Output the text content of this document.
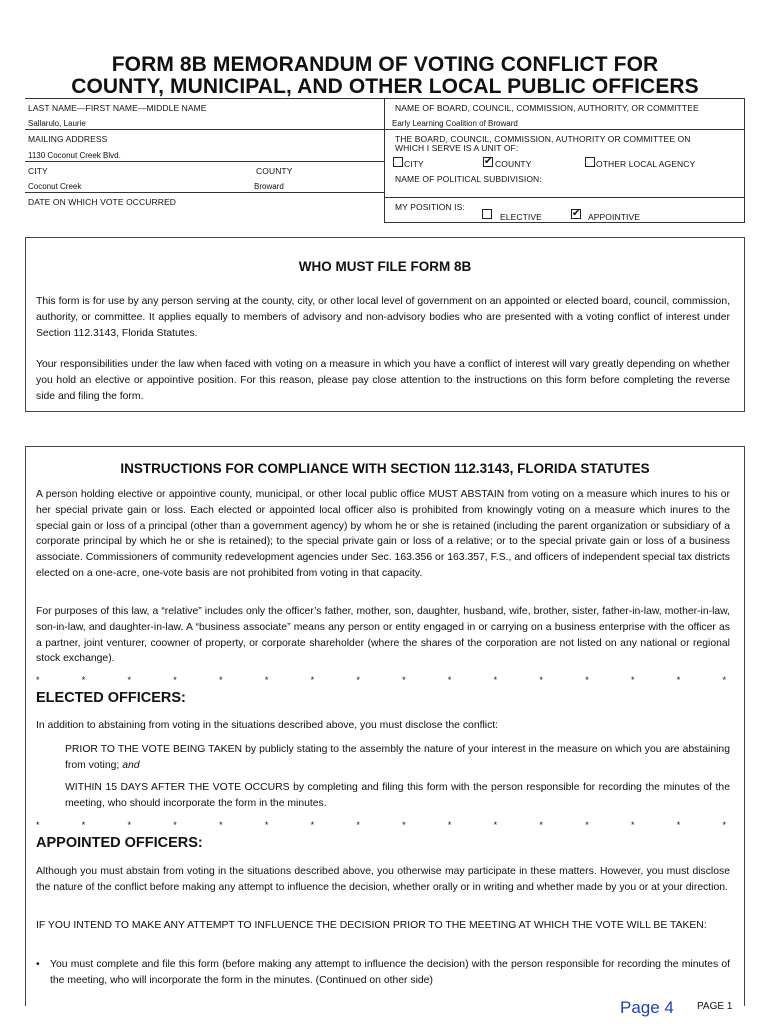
FORM 8B MEMORANDUM OF VOTING CONFLICT FOR
COUNTY, MUNICIPAL, AND OTHER LOCAL PUBLIC OFFICERS
LAST NAME—FIRST NAME—MIDDLE NAME
Sallarulo, Laurie
NAME OF BOARD, COUNCIL, COMMISSION, AUTHORITY, OR COMMITTEE
Early Learning Coalition of Broward
MAILING ADDRESS
1130 Coconut Creek Blvd.
THE BOARD, COUNCIL, COMMISSION, AUTHORITY OR COMMITTEE ON
WHICH I SERVE IS A UNIT OF:
CITY	✔ COUNTY	OTHER LOCAL AGENCY
NAME OF POLITICAL SUBDIVISION:
CITY
Coconut Creek
COUNTY
Broward
DATE ON WHICH VOTE OCCURRED	MY POSITION IS:
ELECTIVE	✔ APPOINTIVE
WHO MUST FILE FORM 8B
This form is for use by any person serving at the county, city, or other local level of government on an appointed or elected board, council, commission, authority, or committee. It applies equally to members of advisory and non-advisory bodies who are presented with a voting conflict of interest under Section 112.3143, Florida Statutes.
Your responsibilities under the law when faced with voting on a measure in which you have a conflict of interest will vary greatly depending on whether you hold an elective or appointive position. For this reason, please pay close attention to the instructions on this form before completing the reverse side and filing the form.
INSTRUCTIONS FOR COMPLIANCE WITH SECTION 112.3143, FLORIDA STATUTES
A person holding elective or appointive county, municipal, or other local public office MUST ABSTAIN from voting on a measure which inures to his or her special private gain or loss. Each elected or appointed local officer also is prohibited from knowingly voting on a measure which inures to the special gain or loss of a principal (other than a government agency) by whom he or she is retained (including the parent organization or subsidiary of a corporate principal by which he or she is retained); to the special private gain or loss of a relative; or to the special private gain or loss of a business associate. Commissioners of community redevelopment agencies under Sec. 163.356 or 163.357, F.S., and officers of independent special tax districts elected on a one-acre, one-vote basis are not prohibited from voting in that capacity.
For purposes of this law, a “relative” includes only the officer’s father, mother, son, daughter, husband, wife, brother, sister, father-in-law, mother-in-law, son-in-law, and daughter-in-law. A “business associate” means any person or entity engaged in or carrying on a business enterprise with the officer as a partner, joint venturer, coowner of property, or corporate shareholder (where the shares of the corporation are not listed on any national or regional stock exchange).
*	*	*	*	*	*	*	*	*	*	*	*	*	*	*	*
ELECTED OFFICERS:
In addition to abstaining from voting in the situations described above, you must disclose the conflict:
PRIOR TO THE VOTE BEING TAKEN by publicly stating to the assembly the nature of your interest in the measure on which you are abstaining from voting; and
WITHIN 15 DAYS AFTER THE VOTE OCCURS by completing and filing this form with the person responsible for recording the minutes of the meeting, who should incorporate the form in the minutes.
*	*	*	*	*	*	*	*	*	*	*	*	*	*	*	*
APPOINTED OFFICERS:
Although you must abstain from voting in the situations described above, you otherwise may participate in these matters. However, you must disclose the nature of the conflict before making any attempt to influence the decision, whether orally or in writing and whether made by you or at your direction.
IF YOU INTEND TO MAKE ANY ATTEMPT TO INFLUENCE THE DECISION PRIOR TO THE MEETING AT WHICH THE VOTE WILL BE TAKEN:
• You must complete and file this form (before making any attempt to influence the decision) with the person responsible for recording the minutes of the meeting, who will incorporate the form in the minutes. (Continued on other side)
Page 4 PAGE 1
